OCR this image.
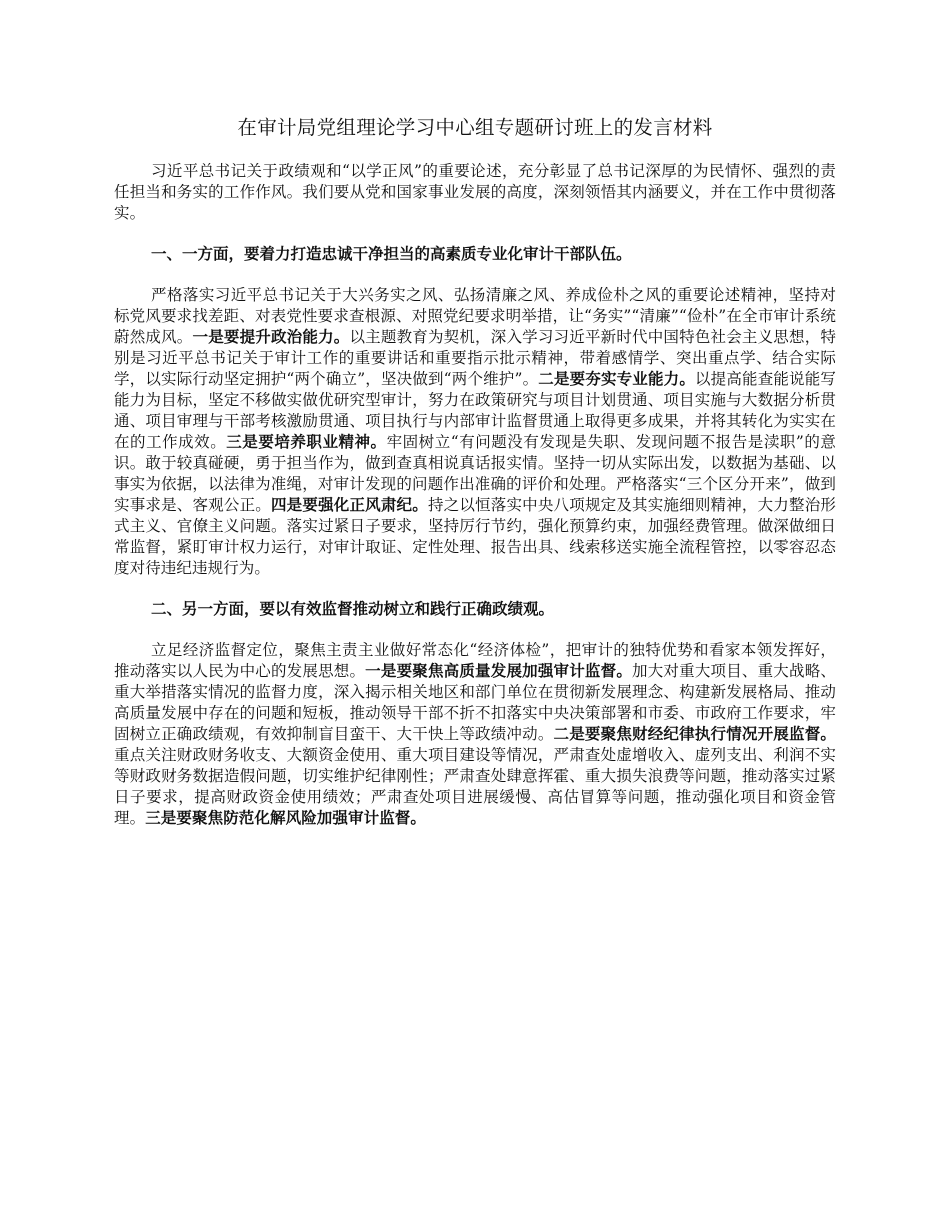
在审计局党组理论学习中心组专题研讨班上的发言材料

习近平总书记关于政绩观和“以学正风”的重要论述，充分彰显了总书记深厚的为民情怀、强烈的责任担当和务实的工作作风。我们要从党和国家事业发展的高度，深刻领悟其内涵要义，并在工作中贯彻落实。

一、一方面，要着力打造忠诚干净担当的高素质专业化审计干部队伍。

严格落实习近平总书记关于大兴务实之风、弘扬清廉之风、养成俭朴之风的重要论述精神，坚持对标党风要求找差距、对表党性要求查根源、对照党纪要求明举措，让“务实”“清廉”“俭朴”在全市审计系统蔚然成风。一是要提升政治能力。以主题教育为契机，深入学习习近平新时代中国特色社会主义思想，特别是习近平总书记关于审计工作的重要讲话和重要指示批示精神，带着感情学、突出重点学、结合实际学，以实际行动坚定拥护“两个确立”，坚决做到“两个维护”。二是要夯实专业能力。以提高能查能说能写能力为目标，坚定不移做实做优研究型审计，努力在政策研究与项目计划贯通、项目实施与大数据分析贯通、项目审理与干部考核激励贯通、项目执行与内部审计监督贯通上取得更多成果，并将其转化为实实在在的工作成效。三是要培养职业精神。牢固树立“有问题没有发现是失职、发现问题不报告是渎职”的意识。敢于较真碰硬，勇于担当作为，做到查真相说真话报实情。坚持一切从实际出发，以数据为基础、以事实为依据，以法律为准绳，对审计发现的问题作出准确的评价和处理。严格落实“三个区分开来”，做到实事求是、客观公正。四是要强化正风肃纪。持之以恒落实中央八项规定及其实施细则精神，大力整治形式主义、官僚主义问题。落实过紧日子要求，坚持厉行节约，强化预算约束，加强经费管理。做深做细日常监督，紧盯审计权力运行，对审计取证、定性处理、报告出具、线索移送实施全流程管控，以零容忍态度对待违纪违规行为。

二、另一方面，要以有效监督推动树立和践行正确政绩观。

立足经济监督定位，聚焦主责主业做好常态化“经济体检”，把审计的独特优势和看家本领发挥好，推动落实以人民为中心的发展思想。一是要聚焦高质量发展加强审计监督。加大对重大项目、重大战略、重大举措落实情况的监督力度，深入揭示相关地区和部门单位在贯彻新发展理念、构建新发展格局、推动高质量发展中存在的问题和短板，推动领导干部不折不扣落实中央决策部署和市委、市政府工作要求，牢固树立正确政绩观，有效抑制盲目蛮干、大干快上等政绩冲动。二是要聚焦财经纪律执行情况开展监督。重点关注财政财务收支、大额资金使用、重大项目建设等情况，严肃查处虚增收入、虚列支出、利润不实等财政财务数据造假问题，切实维护纪律刚性；严肃查处肆意挥霍、重大损失浪费等问题，推动落实过紧日子要求，提高财政资金使用绩效；严肃查处项目进展缓慢、高估冒算等问题，推动强化项目和资金管理。三是要聚焦防范化解风险加强审计监督。
